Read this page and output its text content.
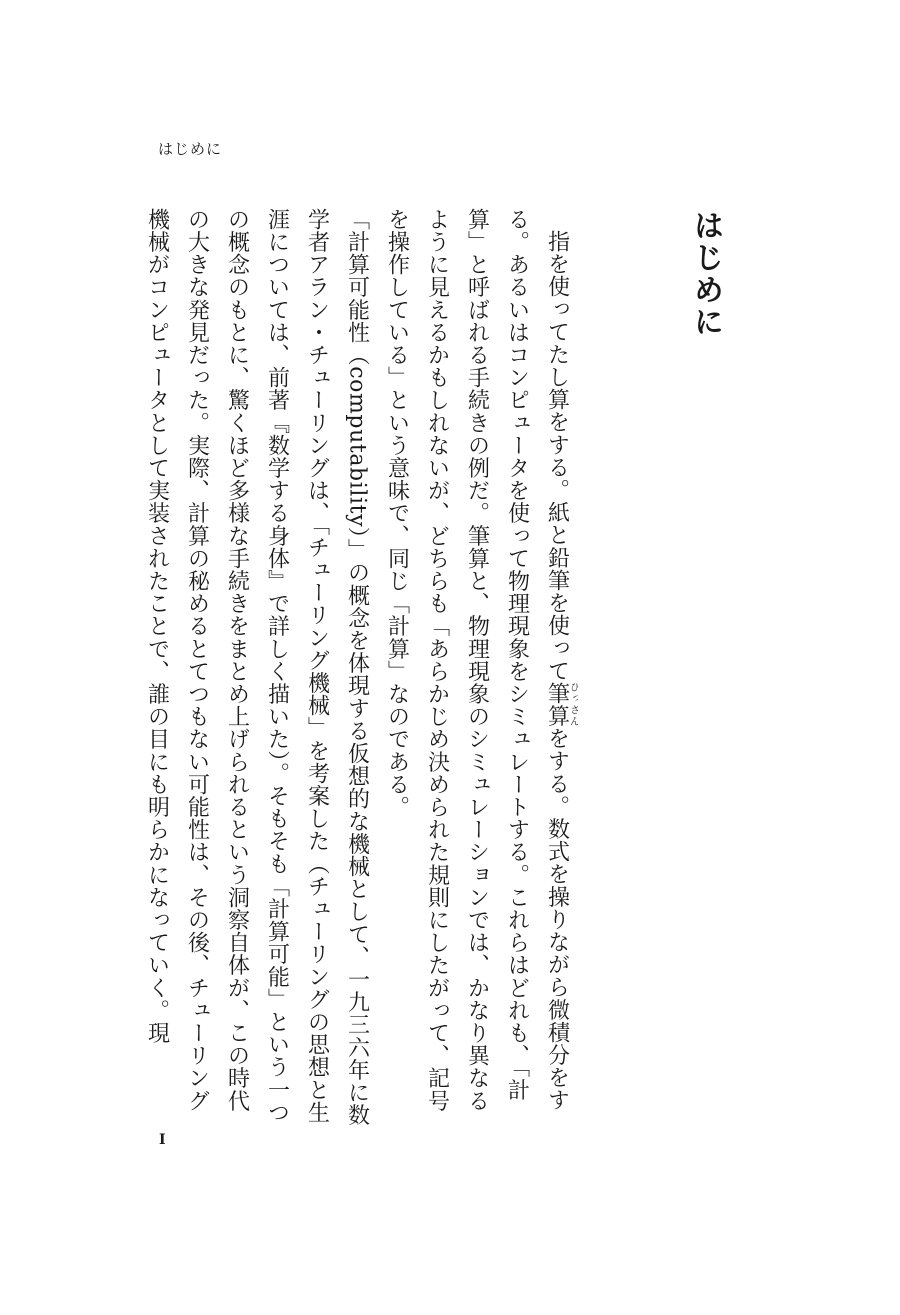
はじめに
はじめに

指を使ってたし算をする。紙と鉛筆を使って筆算ひっさんをする。数式を操りながら微積分をする。あるいはコンピュータを使って物理現象をシミュレートする。これらはどれも、「計算」と呼ばれる手続きの例だ。筆算と、物理現象のシミュレーションでは、かなり異なるように見えるかもしれないが、どちらも「あらかじめ決められた規則にしたがって、記号を操作している」という意味で、同じ「計算」なのである。

「計算可能性（computability）」の概念を体現する仮想的な機械として、一九三六年に数学者アラン・チューリングは、「チューリング機械」を考案した（チューリングの思想と生涯については、前著『数学する身体』で詳しく描いた）。そもそも「計算可能」という一つの概念のもとに、驚くほど多様な手続きをまとめ上げられるという洞察自体が、この時代の大きな発見だった。実際、計算の秘めるとてつもない可能性は、その後、チューリング機械がコンピュータとして実装されたことで、誰の目にも明らかになっていく。現

I
